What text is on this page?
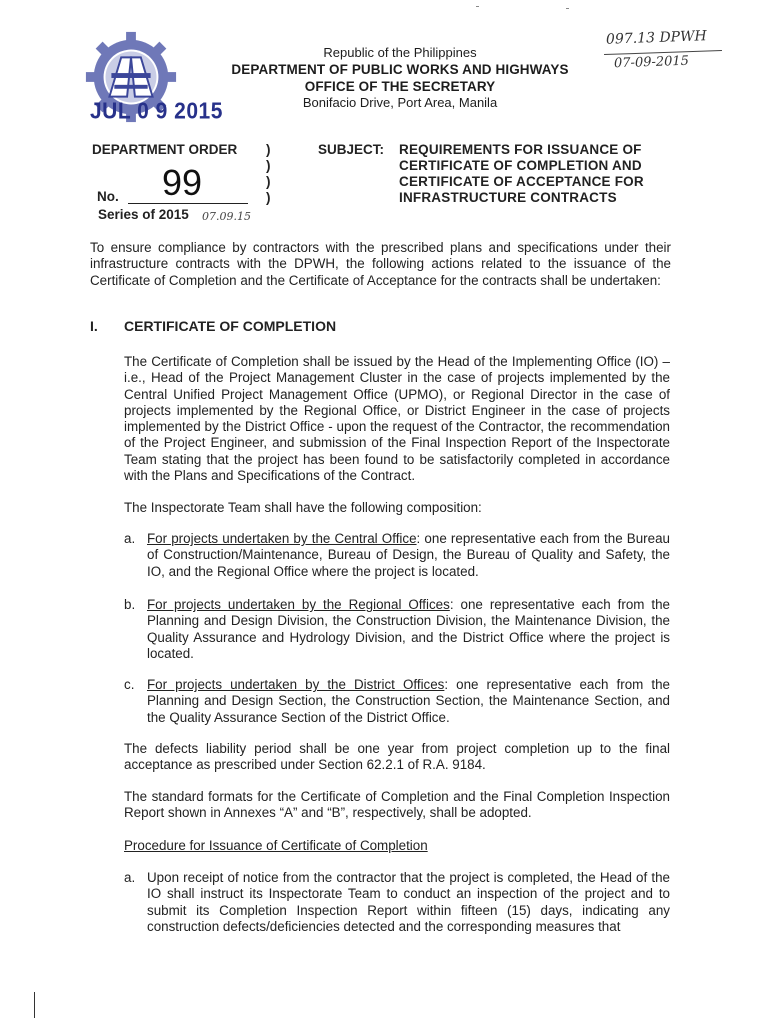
JUL 0 9 2015
Republic of the Philippines
DEPARTMENT OF PUBLIC WORKS AND HIGHWAYS
OFFICE OF THE SECRETARY
Bonifacio Drive, Port Area, Manila
097.13 DPWH
07-09-2015
DEPARTMENT ORDER )
)
)
)
No. 99
Series of 2015 07.09.15
SUBJECT: REQUIREMENTS FOR ISSUANCE OF
CERTIFICATE OF COMPLETION AND
CERTIFICATE OF ACCEPTANCE FOR
INFRASTRUCTURE CONTRACTS
To ensure compliance by contractors with the prescribed plans and specifications under their infrastructure contracts with the DPWH, the following actions related to the issuance of the Certificate of Completion and the Certificate of Acceptance for the contracts shall be undertaken:
I. CERTIFICATE OF COMPLETION
The Certificate of Completion shall be issued by the Head of the Implementing Office (IO) – i.e., Head of the Project Management Cluster in the case of projects implemented by the Central Unified Project Management Office (UPMO), or Regional Director in the case of projects implemented by the Regional Office, or District Engineer in the case of projects implemented by the District Office - upon the request of the Contractor, the recommendation of the Project Engineer, and submission of the Final Inspection Report of the Inspectorate Team stating that the project has been found to be satisfactorily completed in accordance with the Plans and Specifications of the Contract.
The Inspectorate Team shall have the following composition:
a. For projects undertaken by the Central Office: one representative each from the Bureau of Construction/Maintenance, Bureau of Design, the Bureau of Quality and Safety, the IO, and the Regional Office where the project is located.
b. For projects undertaken by the Regional Offices: one representative each from the Planning and Design Division, the Construction Division, the Maintenance Division, the Quality Assurance and Hydrology Division, and the District Office where the project is located.
c. For projects undertaken by the District Offices: one representative each from the Planning and Design Section, the Construction Section, the Maintenance Section, and the Quality Assurance Section of the District Office.
The defects liability period shall be one year from project completion up to the final acceptance as prescribed under Section 62.2.1 of R.A. 9184.
The standard formats for the Certificate of Completion and the Final Completion Inspection Report shown in Annexes “A” and “B”, respectively, shall be adopted.
Procedure for Issuance of Certificate of Completion
a. Upon receipt of notice from the contractor that the project is completed, the Head of the IO shall instruct its Inspectorate Team to conduct an inspection of the project and to submit its Completion Inspection Report within fifteen (15) days, indicating any construction defects/deficiencies detected and the corresponding measures that
